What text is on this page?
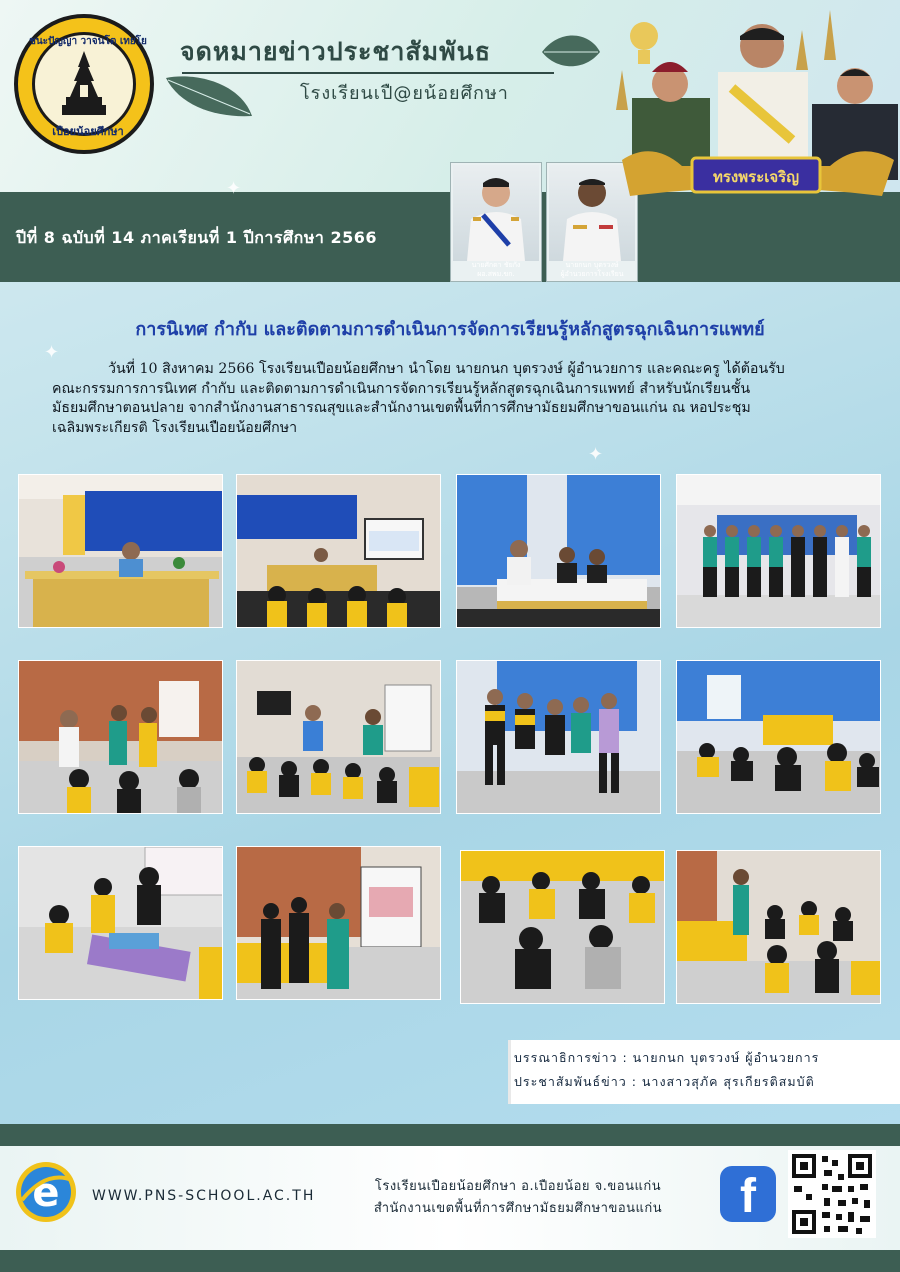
ชนะปัญญา วาจนโต เทยโย
เปือยน้อยศึกษา
จดหมายข่าวประชาสัมพันธ
โรงเรียนเปื@ยน้อยศึกษา
ปีที่ 8 ฉบับที่ 14 ภาคเรียนที่ 1 ปีการศึกษา 2566
นายศักดา ชัยกัง
ผอ.สพม.ขก.
นายกนก บุตรวงษ์
ผู้อำนวยการโรงเรียน
ทรงพระเจริญ
✦
✦
✦
การนิเทศ กำกับ และติดตามการดำเนินการจัดการเรียนรู้หลักสูตรฉุกเฉินการแพทย์

วันที่ 10 สิงหาคม 2566 โรงเรียนเปือยน้อยศึกษา นำโดย นายกนก บุตรวงษ์ ผู้อำนวยการ และคณะครู ได้ต้อนรับ

คณะกรรมการการนิเทศ กำกับ และติดตามการดำเนินการจัดการเรียนรู้หลักสูตรฉุกเฉินการแพทย์ สำหรับนักเรียนชั้น
มัธยมศึกษาตอนปลาย จากสำนักงานสาธารณสุขและสำนักงานเขตพื้นที่การศึกษามัธยมศึกษาขอนแก่น ณ หอประชุม
เฉลิมพระเกียรติ โรงเรียนเปือยน้อยศึกษา
บรรณาธิการข่าว : นายกนก บุตรวงษ์ ผู้อำนวยการ
ประชาสัมพันธ์ข่าว : นางสาวสุภัค สุรเกียรติสมบัติ
e WWW.PNS-SCHOOL.AC.TH
โรงเรียนเปือยน้อยศึกษา อ.เปือยน้อย จ.ขอนแก่น
สำนักงานเขตพื้นที่การศึกษามัธยมศึกษาขอนแก่น	f
